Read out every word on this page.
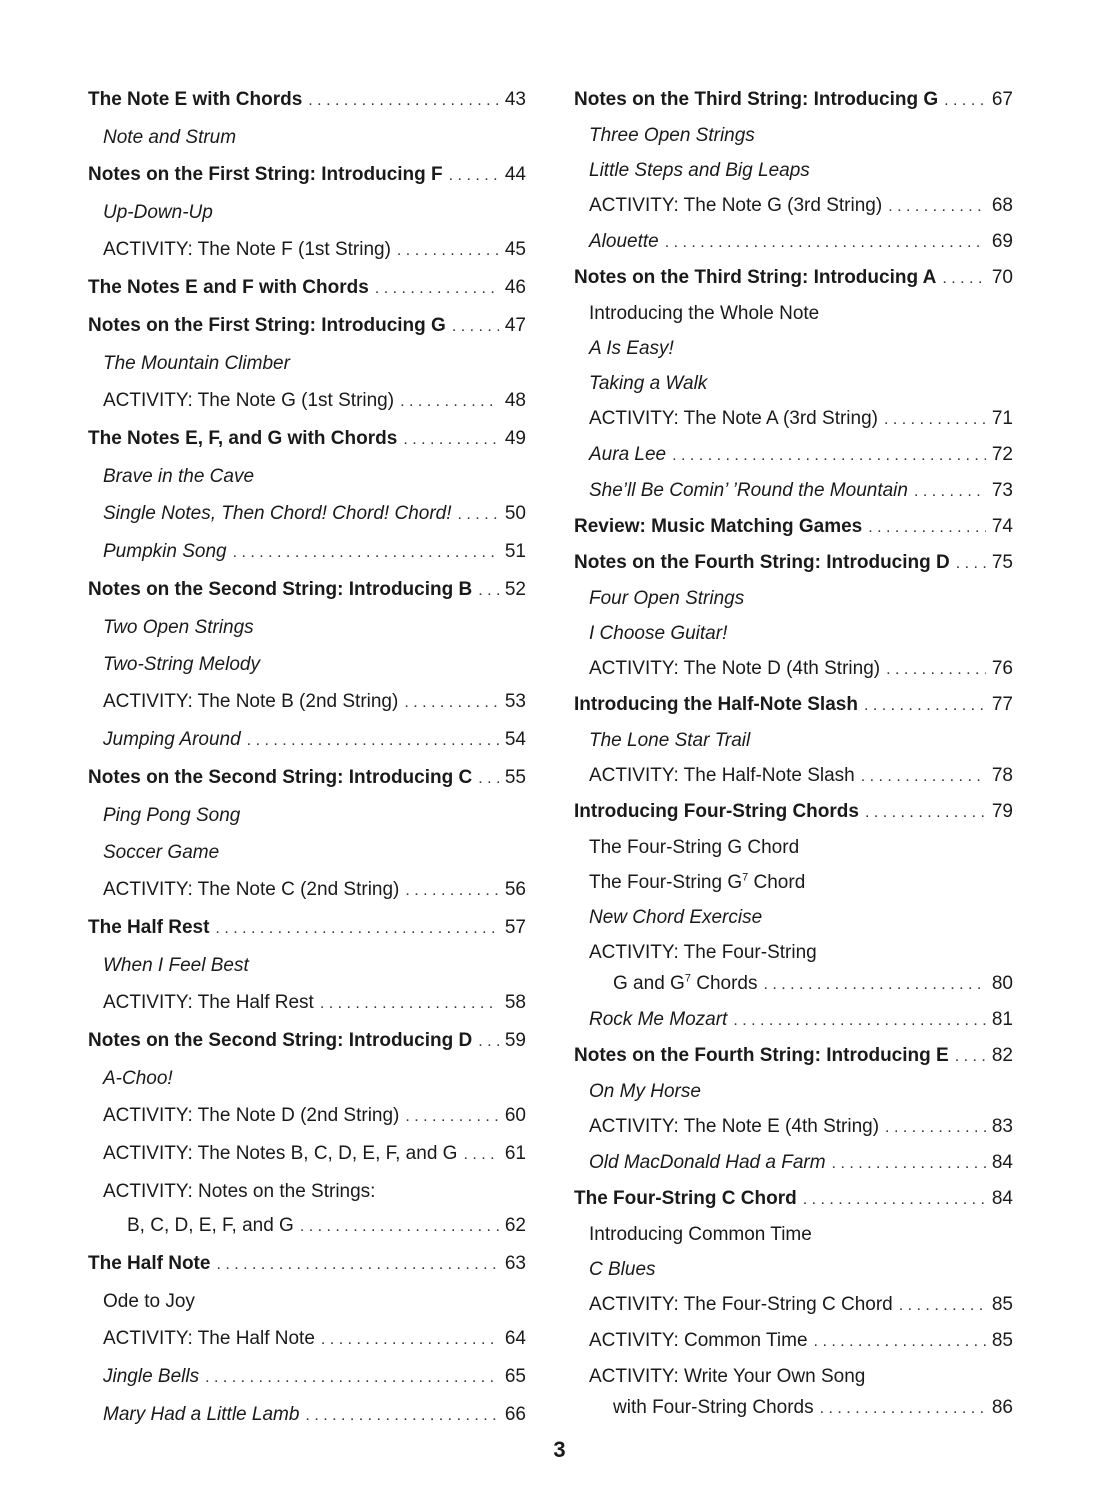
The Note E with Chords . . .	43
Note and Strum
Notes on the First String: Introducing F . . .	44
Up-Down-Up
ACTIVITY: The Note F (1st String) . . .	45
The Notes E and F with Chords . . .	46
Notes on the First String: Introducing G . . .	47
The Mountain Climber
ACTIVITY: The Note G (1st String) . . .	48
The Notes E, F, and G with Chords . . .	49
Brave in the Cave
Single Notes, Then Chord! Chord! Chord! . . .	50
Pumpkin Song . . .	51
Notes on the Second String: Introducing B . . . 52
Two Open Strings
Two-String Melody
ACTIVITY: The Note B (2nd String) . . .	53
Jumping Around . . .	54
Notes on the Second String: Introducing C . . . 55
Ping Pong Song
Soccer Game
ACTIVITY: The Note C (2nd String) . . .	56
The Half Rest . . .	57
When I Feel Best
ACTIVITY: The Half Rest . . .	58
Notes on the Second String: Introducing D . . . 59
A-Choo!
ACTIVITY: The Note D (2nd String) . . .	60
ACTIVITY: The Notes B, C, D, E, F, and G . . . 61
ACTIVITY: Notes on the Strings:
B, C, D, E, F, and G . . .	62
The Half Note . . .	63
Ode to Joy
ACTIVITY: The Half Note . . .	64
Jingle Bells . . .	65
Mary Had a Little Lamb . . .	66
Notes on the Third String: Introducing G . . .	67
Three Open Strings
Little Steps and Big Leaps
ACTIVITY: The Note G (3rd String) . . .	68
Alouette . . .	69
Notes on the Third String: Introducing A . . .	70
Introducing the Whole Note
A Is Easy!
Taking a Walk
ACTIVITY: The Note A (3rd String) . . .	71
Aura Lee . . .	72
She’ll Be Comin’ ’Round the Mountain . . .	73
Review: Music Matching Games . . .	74
Notes on the Fourth String: Introducing D . . . 75
Four Open Strings
I Choose Guitar!
ACTIVITY: The Note D (4th String) . . .	76
Introducing the Half-Note Slash . . .	77
The Lone Star Trail
ACTIVITY: The Half-Note Slash . . .	78
Introducing Four-String Chords . . .	79
The Four-String G Chord
The Four-String $G^7$ Chord
New Chord Exercise
ACTIVITY: The Four-String
G and $G^7$ Chords . . .	80
Rock Me Mozart . . .	81
Notes on the Fourth String: Introducing E . . . 82
On My Horse
ACTIVITY: The Note E (4th String) . . .	83
Old MacDonald Had a Farm . . .	84
The Four-String C Chord . . .	84
Introducing Common Time
C Blues
ACTIVITY: The Four-String C Chord . . .	85
ACTIVITY: Common Time . . .	85
ACTIVITY: Write Your Own Song
with Four-String Chords . . .	86
3
